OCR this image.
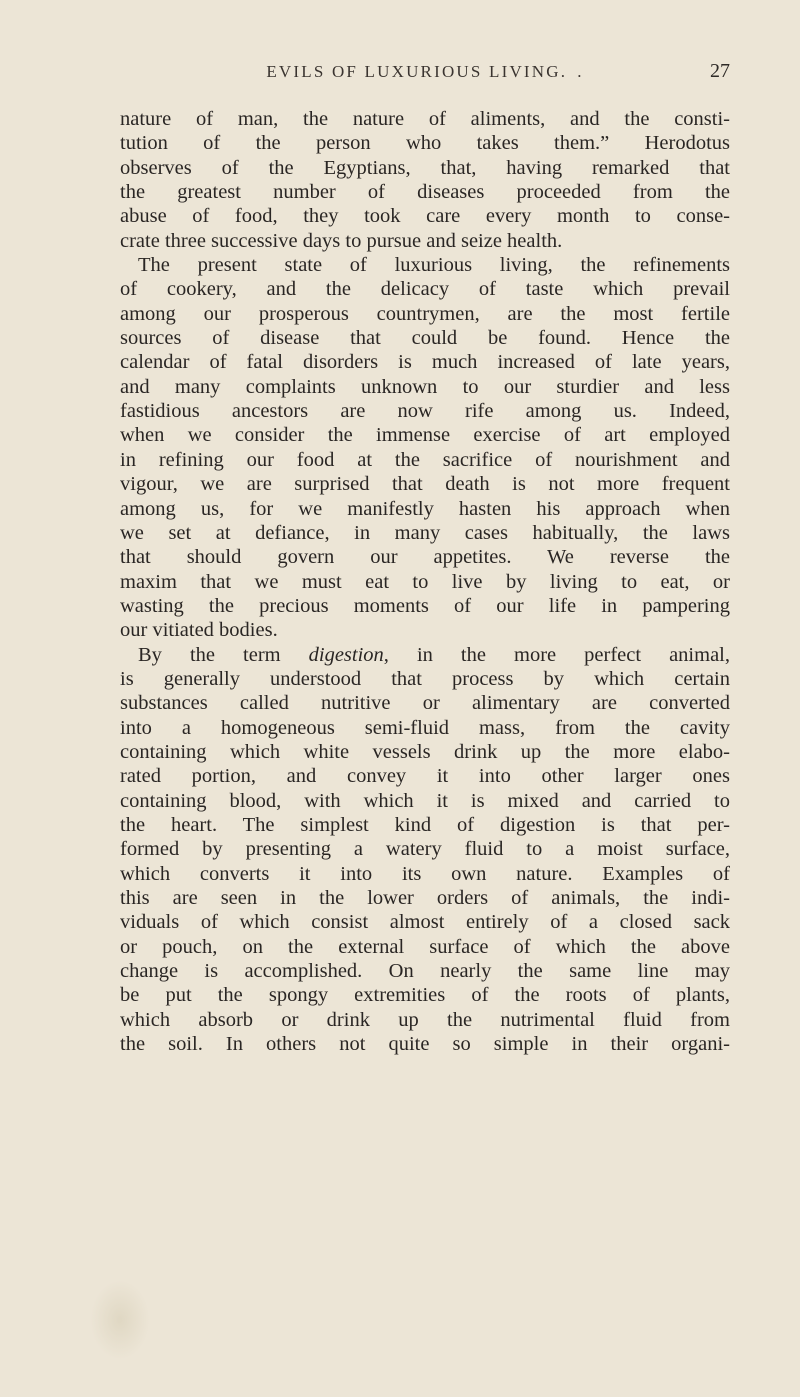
EVILS OF LUXURIOUS LIVING. .	27
nature of man, the nature of aliments, and the consti-
tution of the person who takes them.” Herodotus
observes of the Egyptians, that, having remarked that
the greatest number of diseases proceeded from the
abuse of food, they took care every month to conse-
crate three successive days to pursue and seize health.
The present state of luxurious living, the refinements
of cookery, and the delicacy of taste which prevail
among our prosperous countrymen, are the most fertile
sources of disease that could be found. Hence the
calendar of fatal disorders is much increased of late years,
and many complaints unknown to our sturdier and less
fastidious ancestors are now rife among us. Indeed,
when we consider the immense exercise of art employed
in refining our food at the sacrifice of nourishment and
vigour, we are surprised that death is not more frequent
among us, for we manifestly hasten his approach when
we set at defiance, in many cases habitually, the laws
that should govern our appetites. We reverse the
maxim that we must eat to live by living to eat, or
wasting the precious moments of our life in pampering
our vitiated bodies.
By the term digestion, in the more perfect animal,
is generally understood that process by which certain
substances called nutritive or alimentary are converted
into a homogeneous semi-fluid mass, from the cavity
containing which white vessels drink up the more elabo-
rated portion, and convey it into other larger ones
containing blood, with which it is mixed and carried to
the heart. The simplest kind of digestion is that per-
formed by presenting a watery fluid to a moist surface,
which converts it into its own nature. Examples of
this are seen in the lower orders of animals, the indi-
viduals of which consist almost entirely of a closed sack
or pouch, on the external surface of which the above
change is accomplished. On nearly the same line may
be put the spongy extremities of the roots of plants,
which absorb or drink up the nutrimental fluid from
the soil. In others not quite so simple in their organi-
